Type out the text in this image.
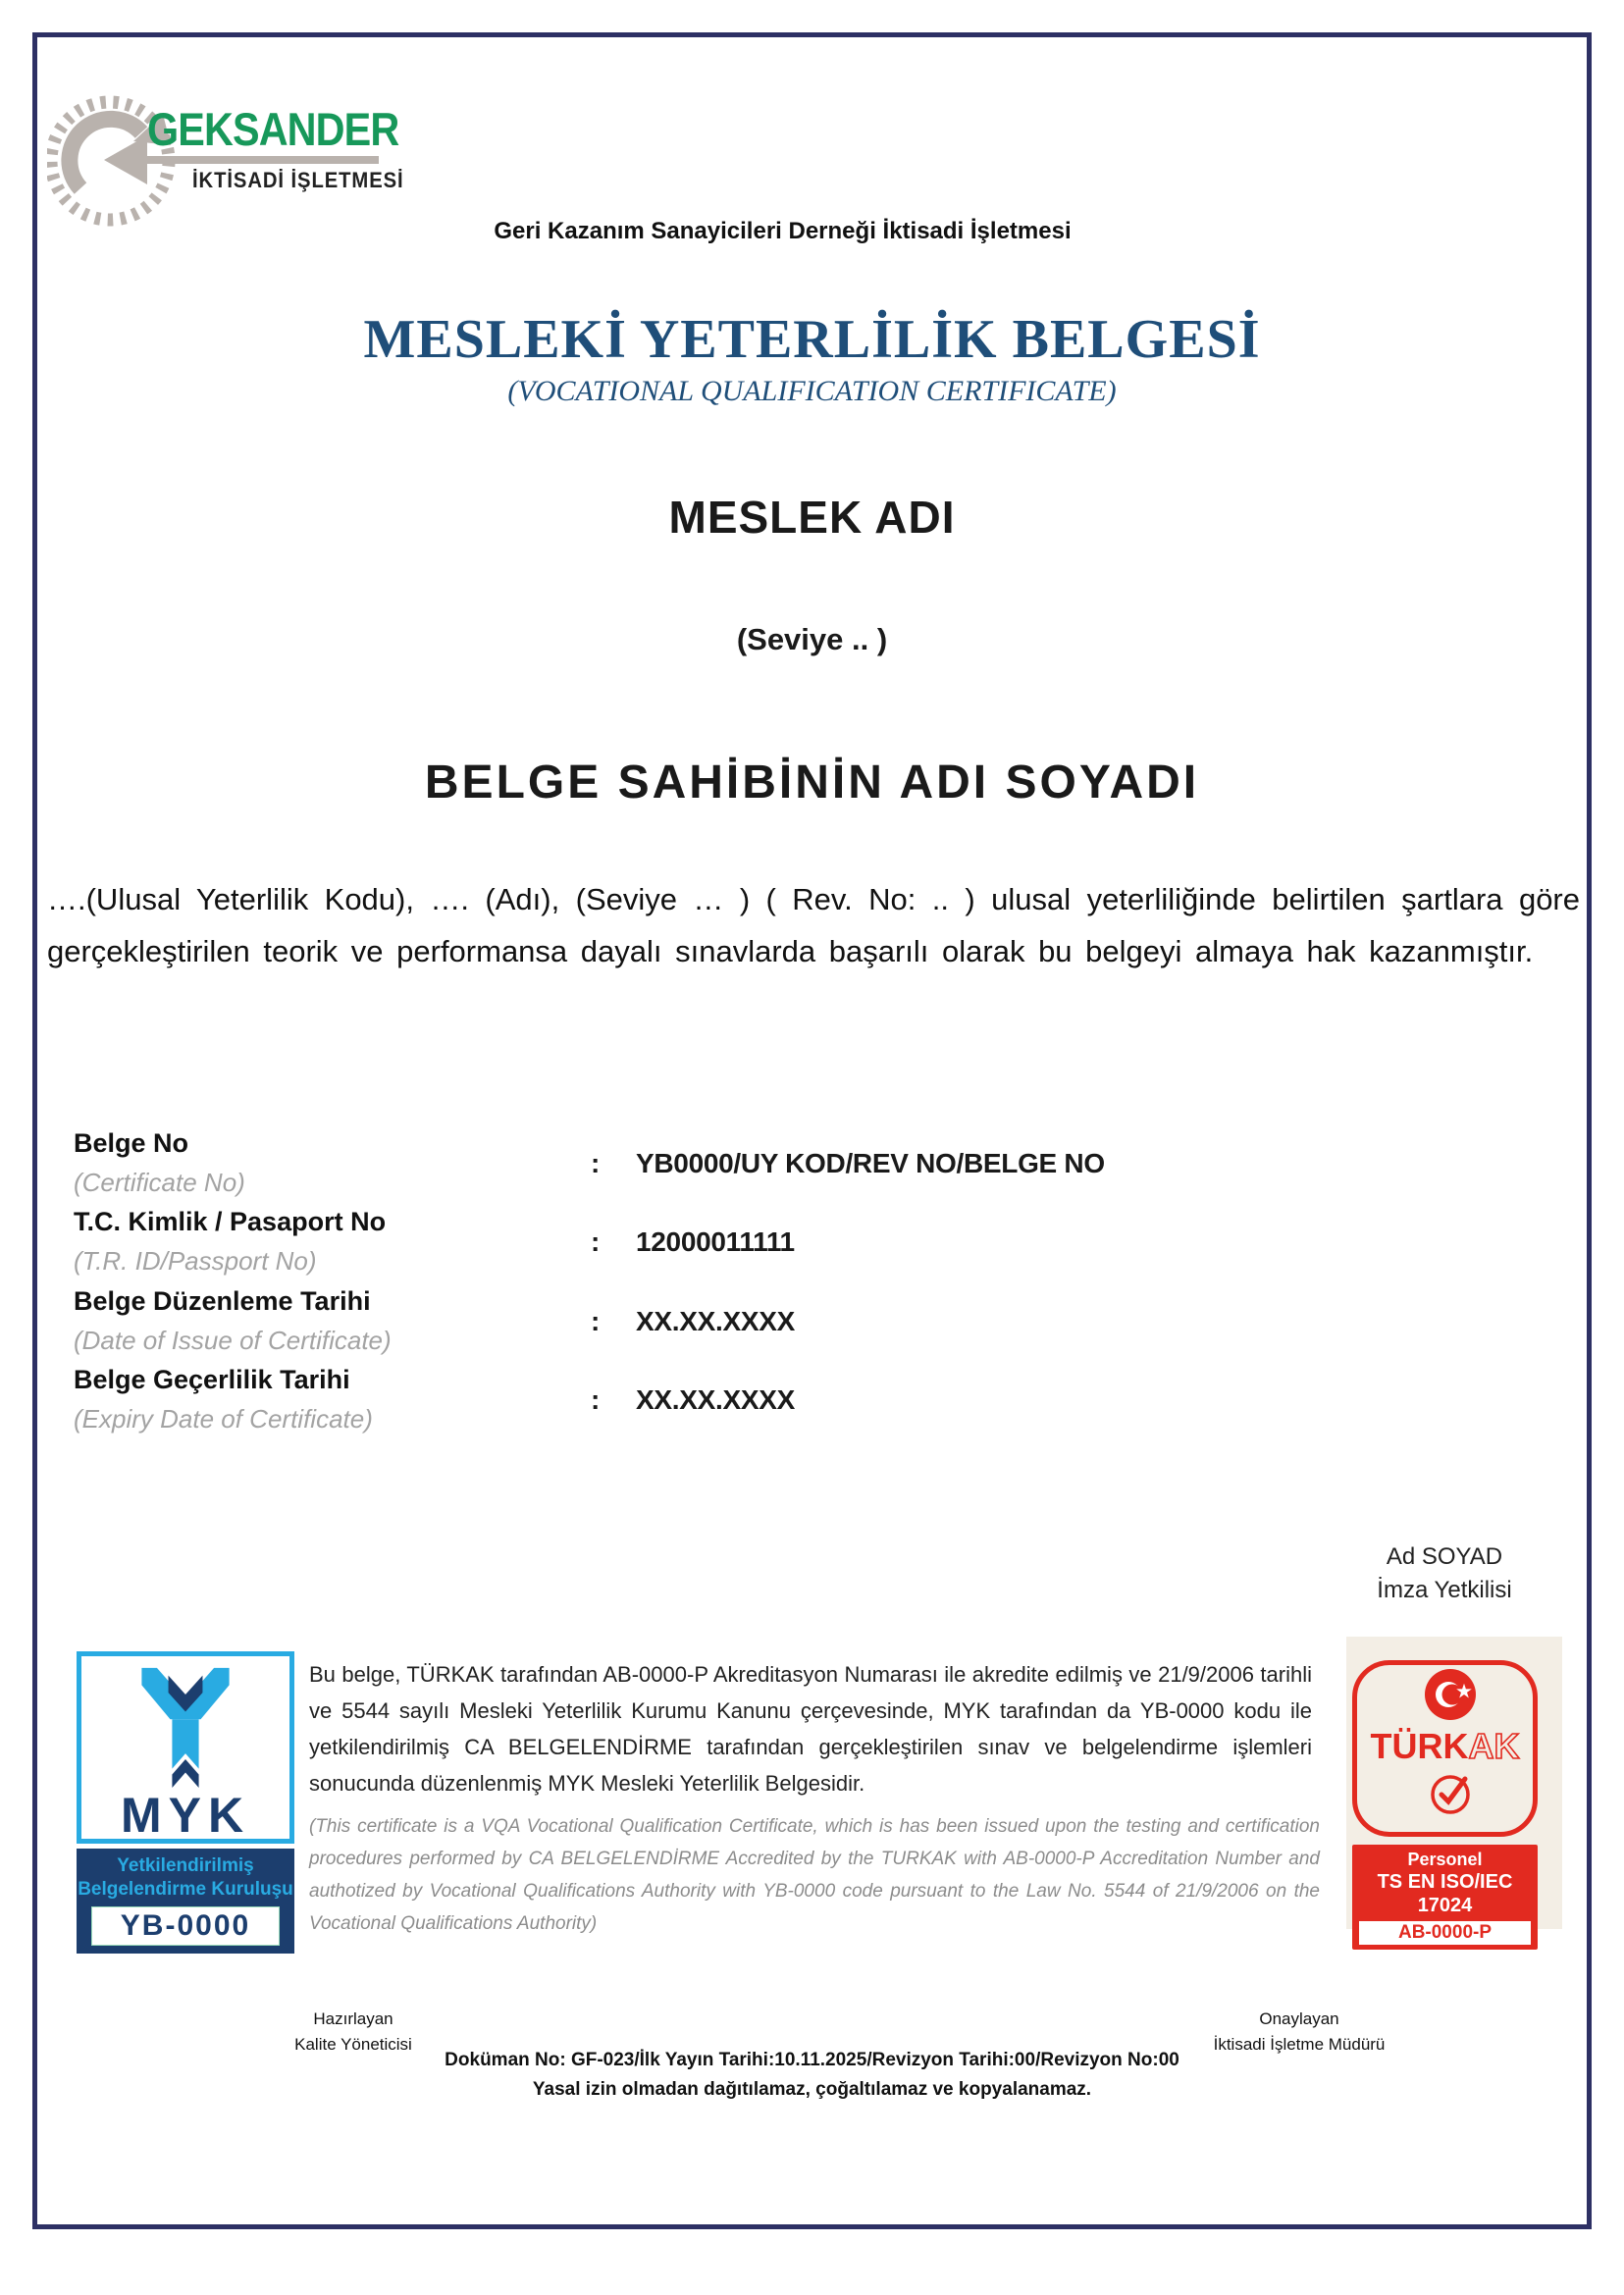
GEKSANDER
İKTİSADİ İŞLETMESİ
Geri Kazanım Sanayicileri Derneği İktisadi İşletmesi
MESLEKİ YETERLİLİK BELGESİ
(VOCATIONAL QUALIFICATION CERTIFICATE)
MESLEK ADI
(Seviye .. )
BELGE SAHİBİNİN ADI SOYADI
….(Ulusal Yeterlilik Kodu), …. (Adı), (Seviye … ) ( Rev. No: .. ) ulusal yeterliliğinde belirtilen şartlara göre gerçekleştirilen teorik ve performansa dayalı sınavlarda başarılı olarak bu belgeyi almaya hak kazanmıştır.
Belge No
(Certificate No)
: YB0000/UY KOD/REV NO/BELGE NO
T.C. Kimlik / Pasaport No
(T.R. ID/Passport No)
: 12000011111
Belge Düzenleme Tarihi
(Date of Issue of Certificate)
: XX.XX.XXXX
Belge Geçerlilik Tarihi
(Expiry Date of Certificate)
: XX.XX.XXXX
Ad SOYAD
İmza Yetkilisi
MYK
Yetkilendirilmiş
Belgelendirme Kuruluşu
YB-0000
Bu belge, TÜRKAK tarafından AB-0000-P Akreditasyon Numarası ile akredite edilmiş ve 21/9/2006 tarihli ve 5544 sayılı Mesleki Yeterlilik Kurumu Kanunu çerçevesinde, MYK tarafından da YB-0000 kodu ile yetkilendirilmiş CA BELGELENDİRME tarafından gerçekleştirilen sınav ve belgelendirme işlemleri sonucunda düzenlenmiş MYK Mesleki Yeterlilik Belgesidir.
(This certificate is a VQA Vocational Qualification Certificate, which is has been issued upon the testing and certification procedures performed by CA BELGELENDİRME Accredited by the TURKAK with AB-0000-P Accreditation Number and authotized by Vocational Qualifications Authority with YB-0000 code pursuant to the Law No. 5544 of 21/9/2006 on the Vocational Qualifications Authority)
TÜRKAK
Personel
TS EN ISO/IEC 17024
AB-0000-P
Hazırlayan
Kalite Yöneticisi
Onaylayan
İktisadi İşletme Müdürü
Doküman No: GF-023/İlk Yayın Tarihi:10.11.2025/Revizyon Tarihi:00/Revizyon No:00
Yasal izin olmadan dağıtılamaz, çoğaltılamaz ve kopyalanamaz.
